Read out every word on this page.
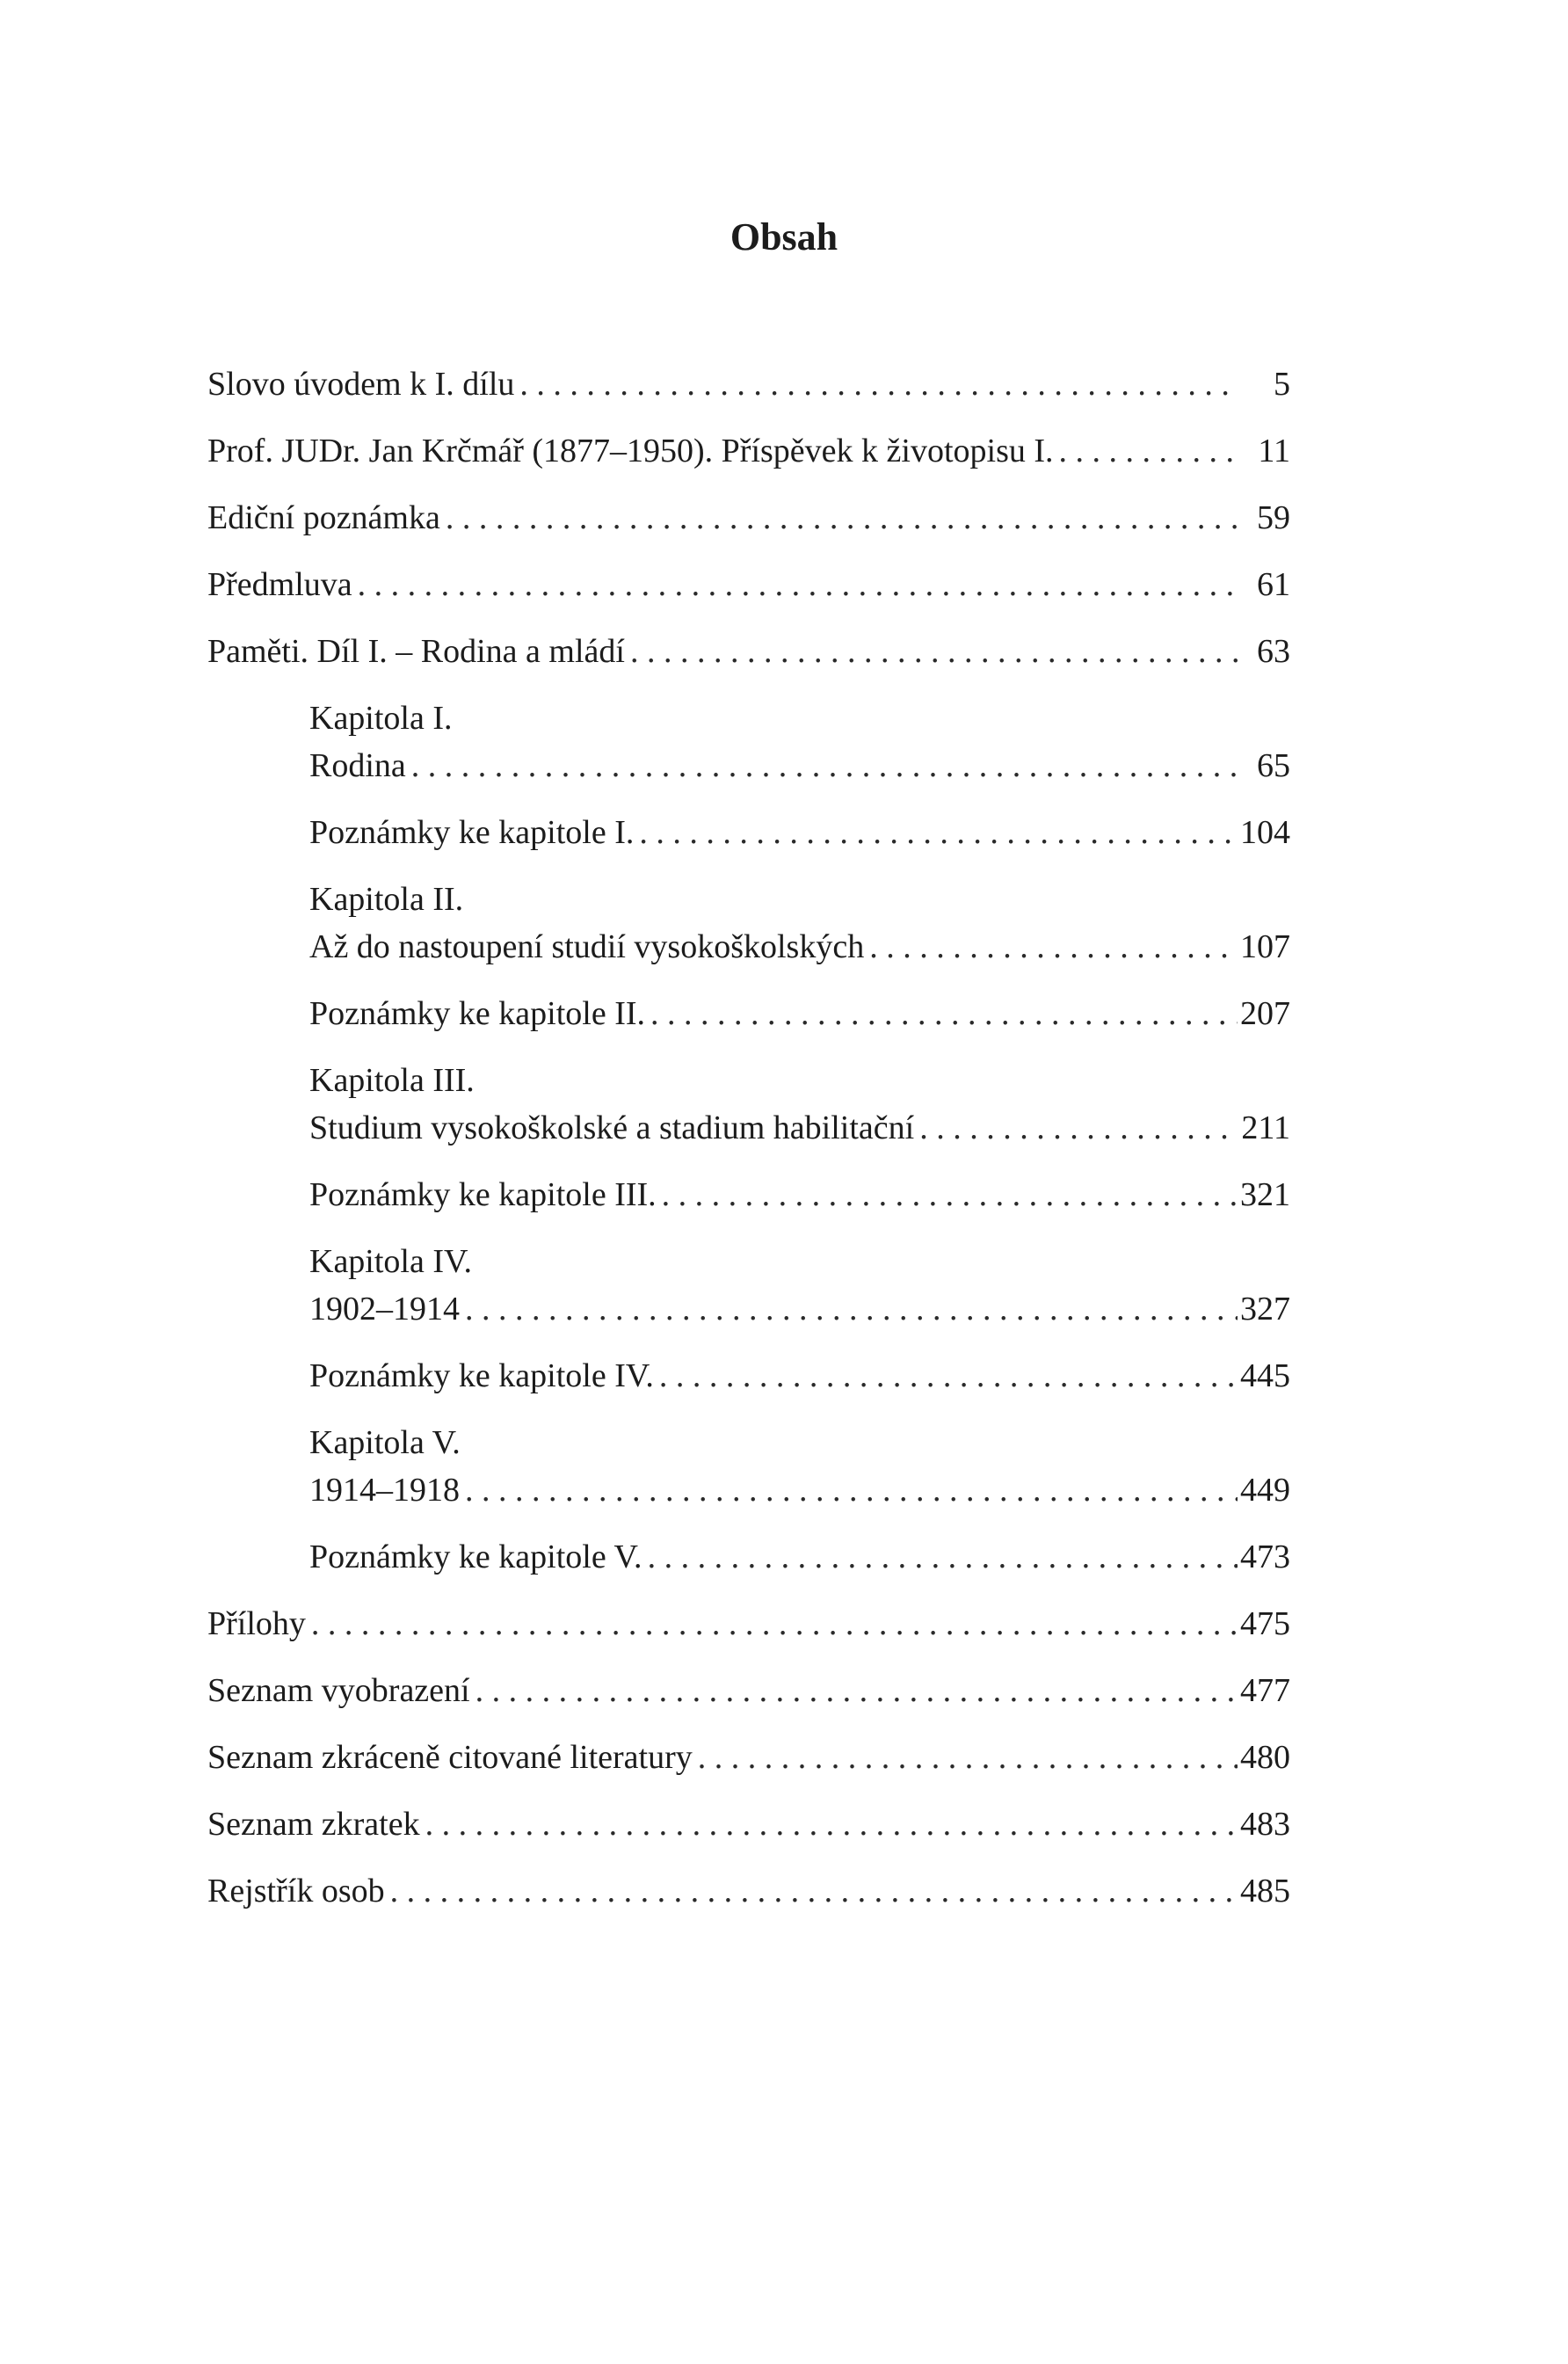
Obsah
Slovo úvodem k I. dílu . . .	5
Prof. JUDr. Jan Krčmář (1877–1950). Příspěvek k životopisu I. . . .	11
Ediční poznámka . . .	59
Předmluva . . .	61
Paměti. Díl I. – Rodina a mládí . . .	63
Kapitola I.
Rodina . . .	65
Poznámky ke kapitole I. . . .	104
Kapitola II.
Až do nastoupení studií vysokoškolských . . .	107
Poznámky ke kapitole II. . . .	207
Kapitola III.
Studium vysokoškolské a stadium habilitační . . .	211
Poznámky ke kapitole III. . . .	321
Kapitola IV.
1902–1914 . . .	327
Poznámky ke kapitole IV. . . .	445
Kapitola V.
1914–1918 . . .	449
Poznámky ke kapitole V. . . .	473
Přílohy . . .	475
Seznam vyobrazení . . .	477
Seznam zkráceně citované literatury . . .	480
Seznam zkratek . . .	483
Rejstřík osob . . .	485
